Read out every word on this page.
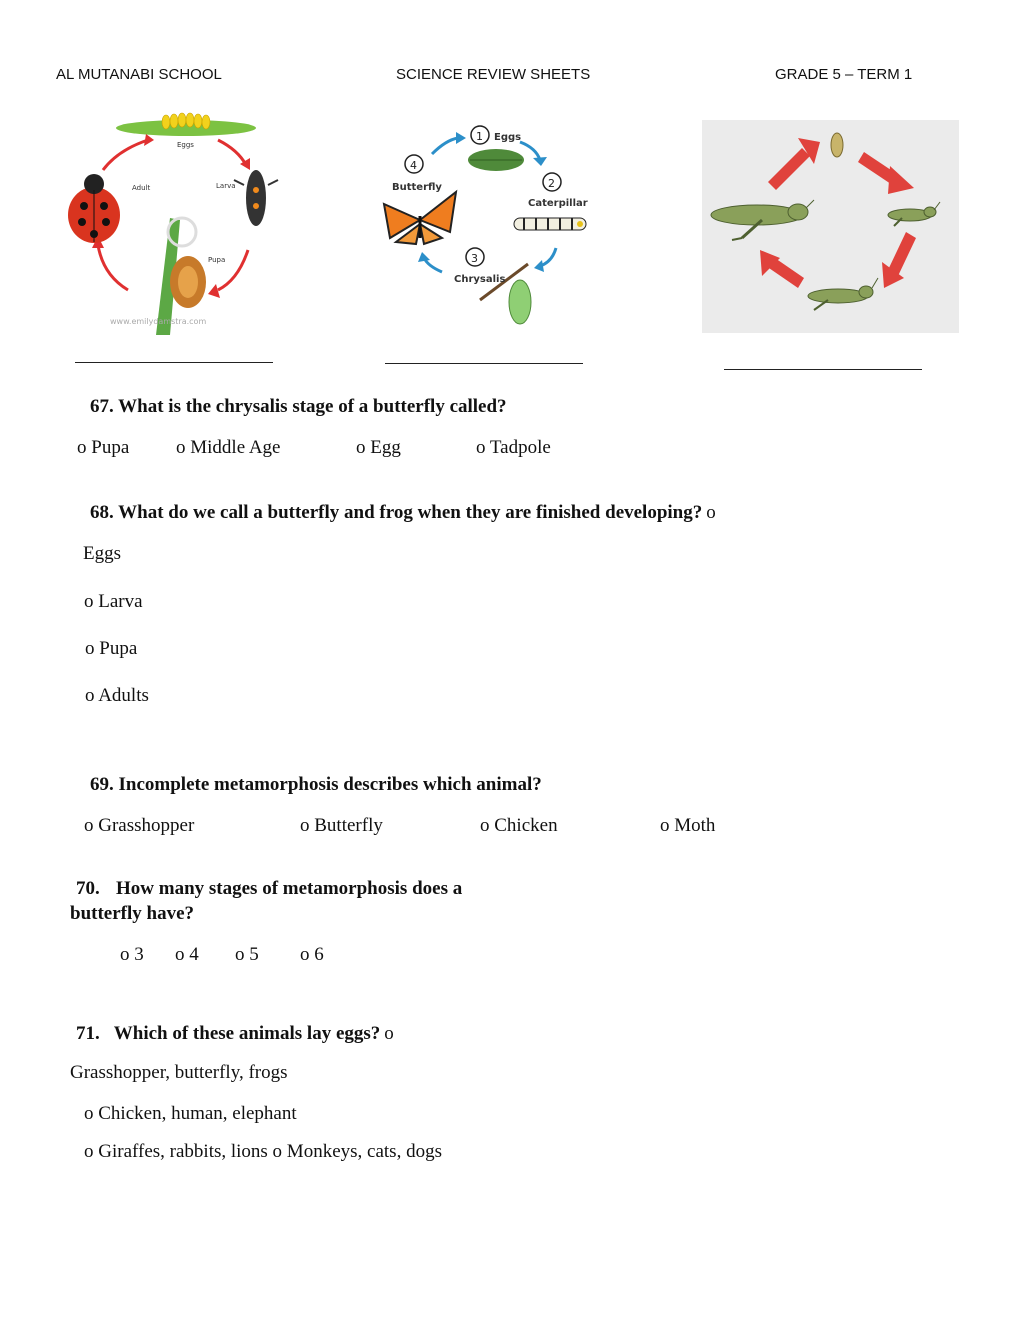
AL MUTANABI SCHOOL	SCIENCE REVIEW SHEETS	GRADE 5 – TERM 1
Eggs
Larva
Pupa
Adult
www.emilydamstra.com
1
2
3
4
Eggs
Caterpillar
Chrysalis
Butterfly
67. What is the chrysalis stage of a butterfly called?
o Pupa o Middle Age	o Egg	o Tadpole
68. What do we call a butterfly and frog when they are finished developing? o
Eggs
o Larva
o Pupa
o Adults
69. Incomplete metamorphosis describes which animal?
o Grasshopper	o Butterfly	o Chicken	o Moth
70. How many stages of metamorphosis does a
butterfly have?
o 3 o 4 o 5 o 6
71. Which of these animals lay eggs? o
Grasshopper, butterfly, frogs
o Chicken, human, elephant
o Giraffes, rabbits, lions o Monkeys, cats, dogs
